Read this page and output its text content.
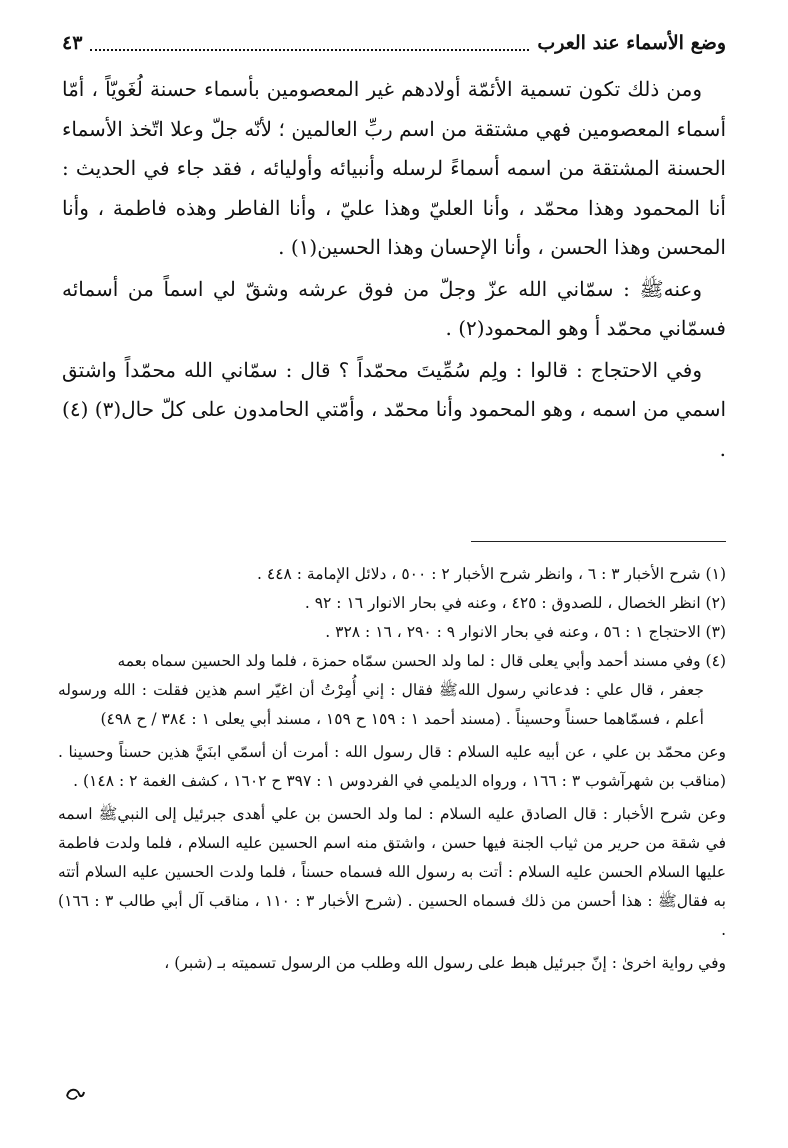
وضع الأسماء عند العرب
٤٣

ومن ذلك تكون تسمية الأئمّة أولادهم غير المعصومين بأسماء حسنة لُغَويّاً ، أمّا أسماء المعصومين فهي مشتقة من اسم ربِّ العالمين ؛ لأنّه جلّ وعلا اتّخذ الأسماء الحسنة المشتقة من اسمه أسماءً لرسله وأنبيائه وأوليائه ، فقد جاء في الحديث : أنا المحمود وهذا محمّد ، وأنا العليّ وهذا عليّ ، وأنا الفاطر وهذه فاطمة ، وأنا المحسن وهذا الحسن ، وأنا الإحسان وهذا الحسين(١) .

وعنهﷺ : سمّاني الله عزّ وجلّ من فوق عرشه وشقّ لي اسماً من أسمائه فسمّاني محمّد أ وهو المحمود(٢) .

وفي الاحتجاج : قالوا : ولِم سُمِّيتَ محمّداً ؟ قال : سمّاني الله محمّداً واشتق اسمي من اسمه ، وهو المحمود وأنا محمّد ، وأمّتي الحامدون على كلّ حال(٣) (٤) .

(١) شرح الأخبار ٣ : ٦ ، وانظر شرح الأخبار ٢ : ٥٠٠ ، دلائل الإمامة : ٤٤٨ .

(٢) انظر الخصال ، للصدوق : ٤٢٥ ، وعنه في بحار الانوار ١٦ : ٩٢ .

(٣) الاحتجاج ١ : ٥٦ ، وعنه في بحار الانوار ٩ : ٢٩٠ ، ١٦ : ٣٢٨ .

(٤) وفي مسند أحمد وأبي يعلى قال : لما ولد الحسن سمّاه حمزة ، فلما ولد الحسين سماه بعمه

جعفر ، قال علي : فدعاني رسول اللهﷺ فقال : إني أُمِرْتُ أن اغيّر اسم هذين فقلت : الله ورسوله أعلم ، فسمّاهما حسناً وحسيناً . (مسند أحمد ١ : ١٥٩ ح ١٥٩ ، مسند أبي يعلى ١ : ٣٨٤ / ح ٤٩٨)

وعن محمّد بن علي ، عن أبيه عليه السلام : قال رسول الله : أمرت أن أسمّي ابنَيَّ هذين حسناً وحسينا . (مناقب بن شهرآشوب ٣ : ١٦٦ ، ورواه الديلمي في الفردوس ١ : ٣٩٧ ح ١٦٠٢ ، كشف الغمة ٢ : ١٤٨) .

وعن شرح الأخبار : قال الصادق عليه السلام : لما ولد الحسن بن علي أهدى جبرئيل إلى النبيﷺ اسمه في شقة من حرير من ثياب الجنة فيها حسن ، واشتق منه اسم الحسين عليه السلام ، فلما ولدت فاطمة عليها السلام الحسن عليه السلام : أتت به رسول الله فسماه حسناً ، فلما ولدت الحسين عليه السلام أتته به فقالﷺ : هذا أحسن من ذلك فسماه الحسين . (شرح الأخبار ٣ : ١١٠ ، مناقب آل أبي طالب ٣ : ١٦٦) .

وفي رواية اخرىٰ : إنّ جبرئيل هبط على رسول الله وطلب من الرسول تسميته بـ (شبر) ،
